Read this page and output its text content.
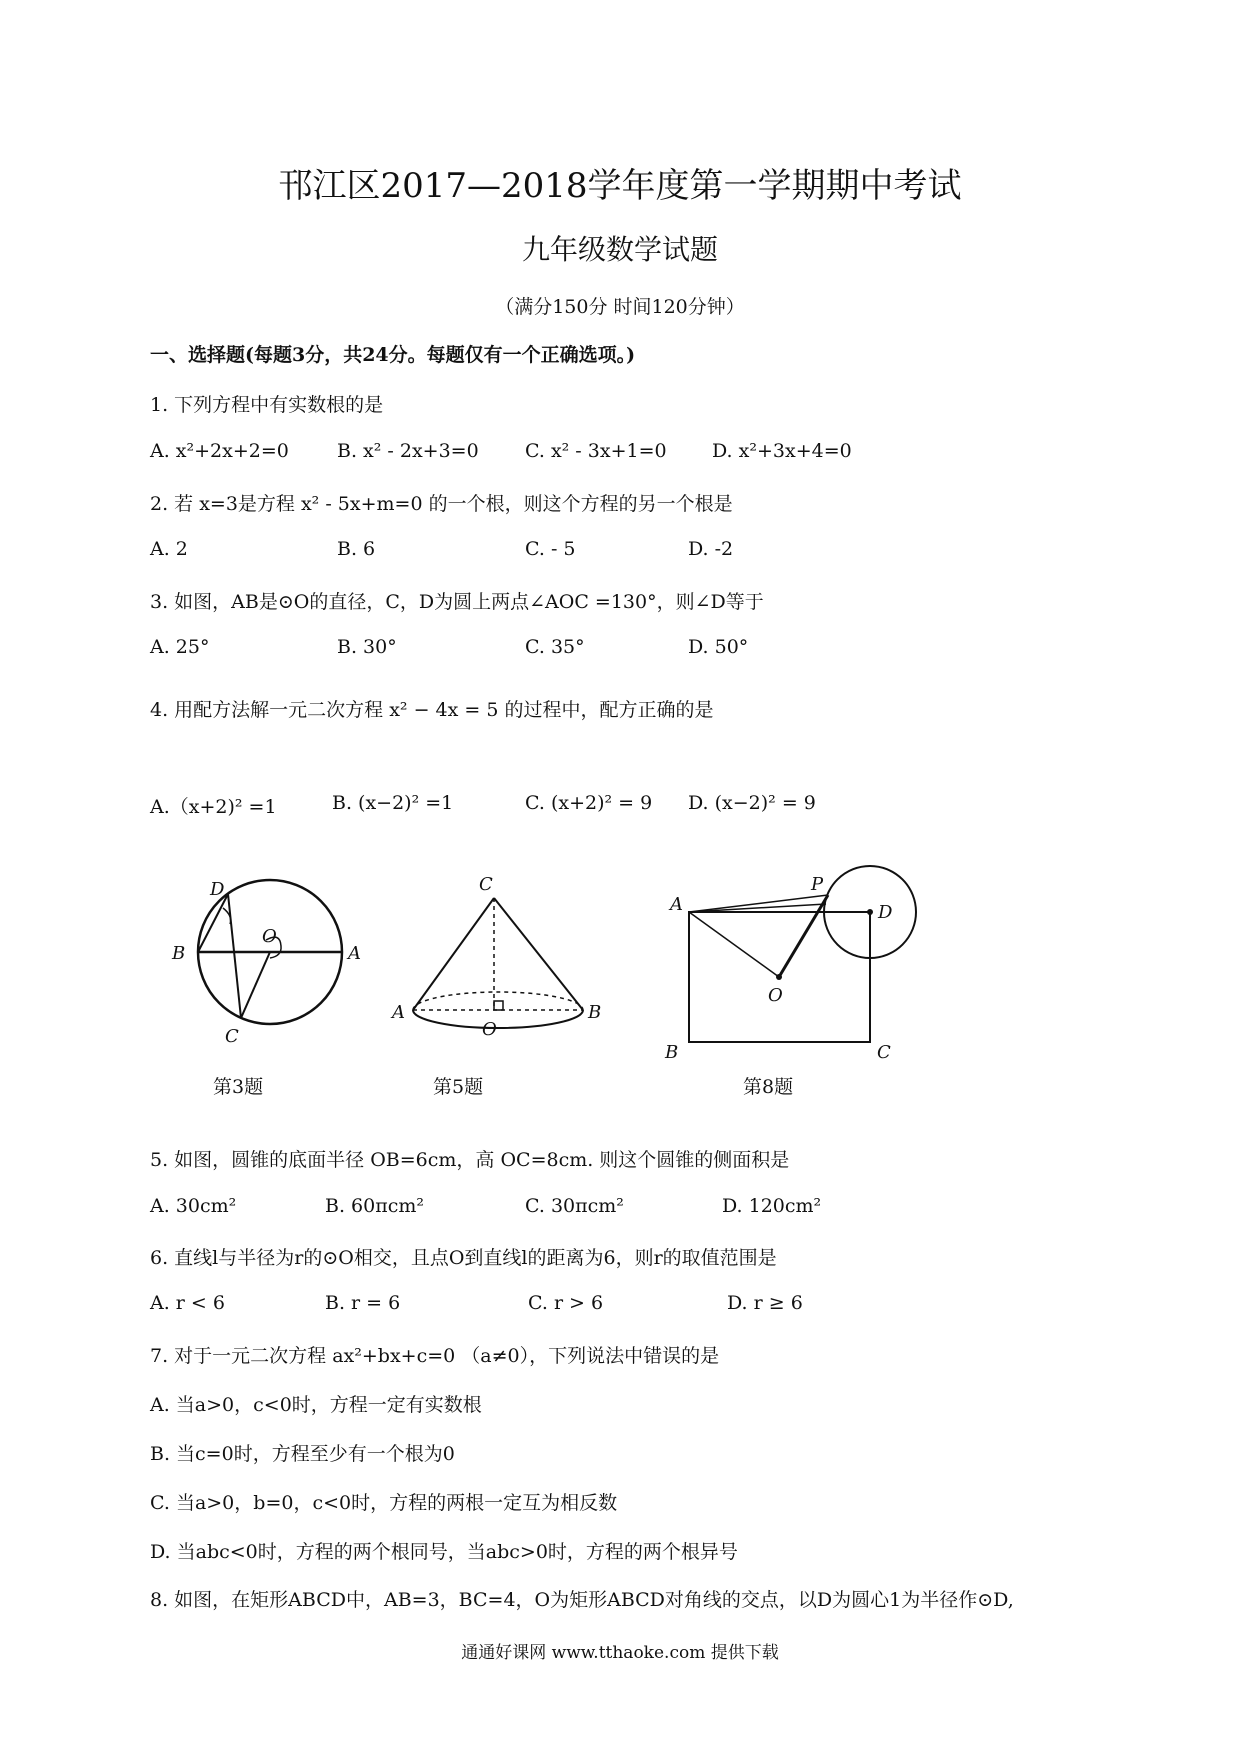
邗江区2017—2018学年度第一学期期中考试
九年级数学试题
（满分150分 时间120分钟）
一、选择题(每题3分，共24分。每题仅有一个正确选项。)
1. 下列方程中有实数根的是
A. x²+2x+2=0	B. x² - 2x+3=0 C. x² - 3x+1=0 D. x²+3x+4=0
2. 若 x=3是方程 x² - 5x+m=0 的一个根，则这个方程的另一个根是
A. 2	B. 6	C. - 5	D. -2
3. 如图，AB是⊙O的直径，C，D为圆上两点∠AOC =130°，则∠D等于
A. 25°	B. 30°	C. 35°	D. 50°
4. 用配方法解一元二次方程 x² − 4x = 5 的过程中，配方正确的是
A.（x+2)² =1	B. (x−2)² =1	C. (x+2)² = 9 D. (x−2)² = 9
D
B
O
A
C
C
A
O
B
A
P
D
O
B	C
第3题	第5题	第8题
5. 如图，圆锥的底面半径 OB=6cm，高 OC=8cm. 则这个圆锥的侧面积是
A. 30cm²	B. 60πcm²	C. 30πcm²	D. 120cm²
6. 直线l与半径为r的⊙O相交，且点O到直线l的距离为6，则r的取值范围是
A. r < 6	B. r = 6	C. r > 6	D. r ≥ 6
7. 对于一元二次方程 ax²+bx+c=0 （a≠0），下列说法中错误的是
A. 当a>0，c<0时，方程一定有实数根
B. 当c=0时，方程至少有一个根为0
C. 当a>0，b=0，c<0时，方程的两根一定互为相反数
D. 当abc<0时，方程的两个根同号，当abc>0时，方程的两个根异号
8. 如图，在矩形ABCD中，AB=3，BC=4，O为矩形ABCD对角线的交点，以D为圆心1为半径作⊙D,
通通好课网 www.tthaoke.com 提供下载
